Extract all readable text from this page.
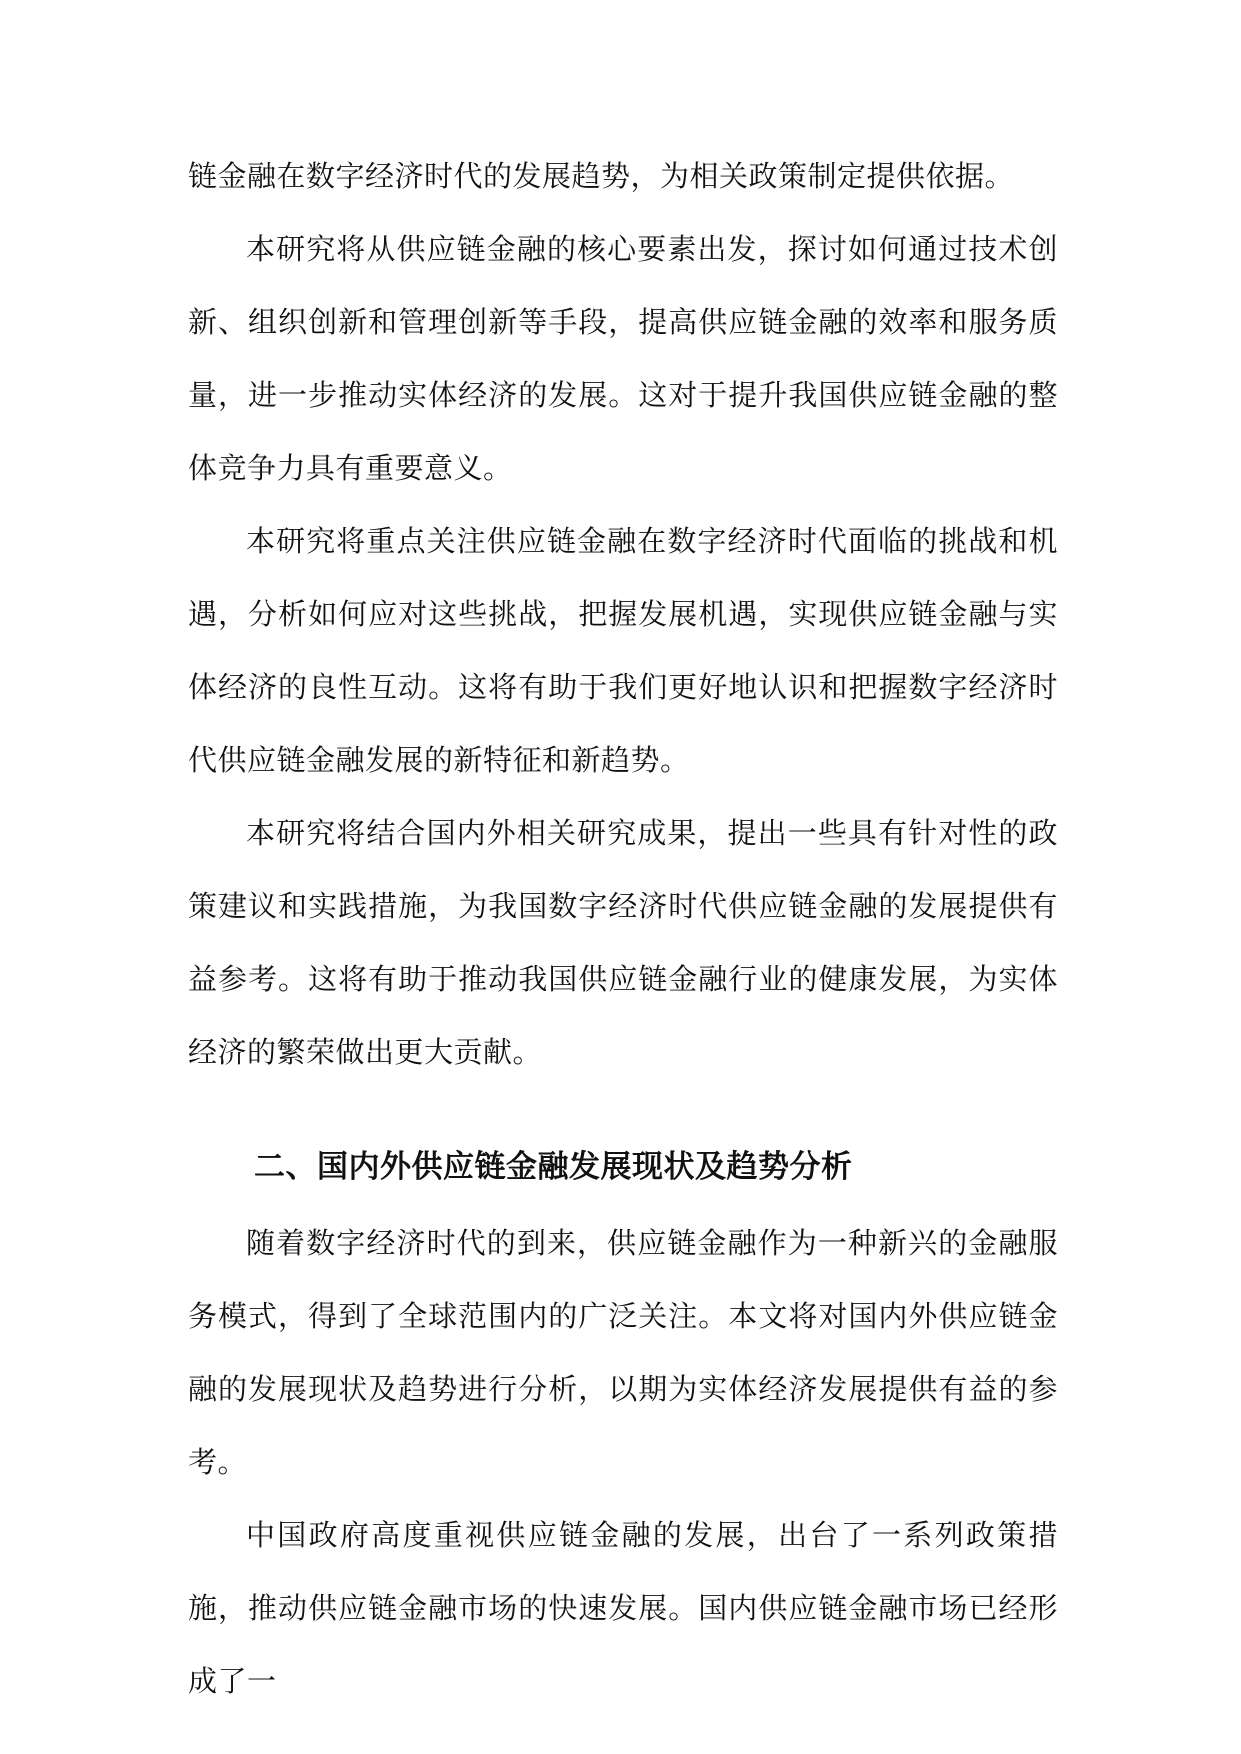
链金融在数字经济时代的发展趋势，为相关政策制定提供依据。

本研究将从供应链金融的核心要素出发，探讨如何通过技术创新、组织创新和管理创新等手段，提高供应链金融的效率和服务质量，进一步推动实体经济的发展。这对于提升我国供应链金融的整体竞争力具有重要意义。

本研究将重点关注供应链金融在数字经济时代面临的挑战和机遇，分析如何应对这些挑战，把握发展机遇，实现供应链金融与实体经济的良性互动。这将有助于我们更好地认识和把握数字经济时代供应链金融发展的新特征和新趋势。

本研究将结合国内外相关研究成果，提出一些具有针对性的政策建议和实践措施，为我国数字经济时代供应链金融的发展提供有益参考。这将有助于推动我国供应链金融行业的健康发展，为实体经济的繁荣做出更大贡献。

二、国内外供应链金融发展现状及趋势分析

随着数字经济时代的到来，供应链金融作为一种新兴的金融服务模式，得到了全球范围内的广泛关注。本文将对国内外供应链金融的发展现状及趋势进行分析，以期为实体经济发展提供有益的参考。

中国政府高度重视供应链金融的发展，出台了一系列政策措施，推动供应链金融市场的快速发展。国内供应链金融市场已经形成了一
